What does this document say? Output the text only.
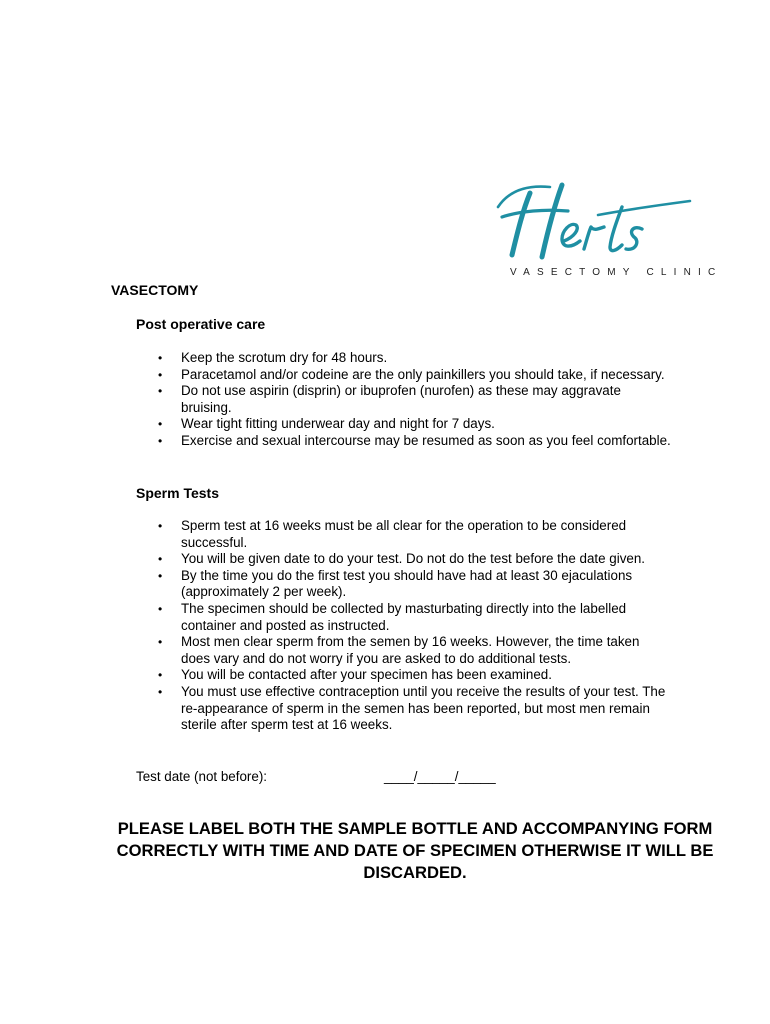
VASECTOMY CLINIC
VASECTOMY
Post operative care
• Keep the scrotum dry for 48 hours.
• Paracetamol and/or codeine are the only painkillers you should take, if necessary.
• Do not use aspirin (disprin) or ibuprofen (nurofen) as these may aggravate bruising.
• Wear tight fitting underwear day and night for 7 days.
• Exercise and sexual intercourse may be resumed as soon as you feel comfortable.
Sperm Tests
• Sperm test at 16 weeks must be all clear for the operation to be considered successful.
• You will be given date to do your test. Do not do the test before the date given.
• By the time you do the first test you should have had at least 30 ejaculations (approximately 2 per week).
• The specimen should be collected by masturbating directly into the labelled container and posted as instructed.
• Most men clear sperm from the semen by 16 weeks. However, the time taken does vary and do not worry if you are asked to do additional tests.
• You will be contacted after your specimen has been examined.
• You must use effective contraception until you receive the results of your test. The re-appearance of sperm in the semen has been reported, but most men remain sterile after sperm test at 16 weeks.
Test date (not before):	____/_____/_____

PLEASE LABEL BOTH THE SAMPLE BOTTLE AND ACCOMPANYING FORM CORRECTLY WITH TIME AND DATE OF SPECIMEN OTHERWISE IT WILL BE DISCARDED.
